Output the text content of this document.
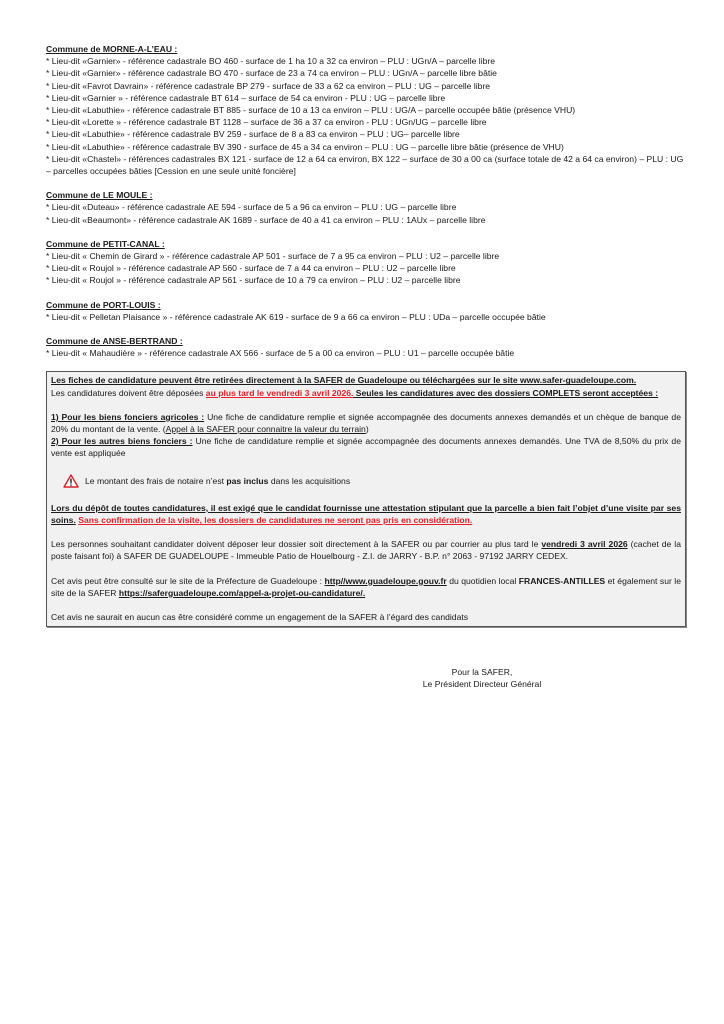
Commune de MORNE-A-L’EAU :
* Lieu-dit «Garnier» - référence cadastrale BO 460 - surface de 1 ha 10 a 32 ca environ – PLU : UGn/A – parcelle libre
* Lieu-dit «Garnier» - référence cadastrale BO 470 - surface de 23 a 74 ca environ – PLU : UGn/A – parcelle libre bâtie
* Lieu-dit «Favrot Davrain» - référence cadastrale BP 279 - surface de 33 a 62 ca environ – PLU : UG – parcelle libre
* Lieu-dit «Garnier » - référence cadastrale BT 614 – surface de 54 ca environ - PLU : UG – parcelle libre
* Lieu-dit «Labuthie» - référence cadastrale BT 885 - surface de 10 a 13 ca environ – PLU : UG/A – parcelle occupée bâtie (présence VHU)
* Lieu-dit «Lorette » - référence cadastrale BT 1128 – surface de 36 a 37 ca environ - PLU : UGn/UG – parcelle libre
* Lieu-dit «Labuthie» - référence cadastrale BV 259 - surface de 8 a 83 ca environ – PLU : UG– parcelle libre
* Lieu-dit «Labuthie» - référence cadastrale BV 390 - surface de 45 a 34 ca environ – PLU : UG – parcelle libre bâtie (présence de VHU)
* Lieu-dit «Chastel» - références cadastrales BX 121 - surface de 12 a 64 ca environ, BX 122 – surface de 30 a 00 ca (surface totale de 42 a 64 ca environ) – PLU : UG – parcelles occupées bâties [Cession en une seule unité foncière]
Commune de LE MOULE :
* Lieu-dit «Duteau» - référence cadastrale AE 594 - surface de 5 a 96 ca environ – PLU : UG – parcelle libre
* Lieu-dit «Beaumont» - référence cadastrale AK 1689 - surface de 40 a 41 ca environ – PLU : 1AUx – parcelle libre
Commune de PETIT-CANAL :
* Lieu-dit « Chemin de Girard » - référence cadastrale AP 501 - surface de 7 a 95 ca environ – PLU : U2 – parcelle libre
* Lieu-dit « Roujol » - référence cadastrale AP 560 - surface de 7 a 44 ca environ – PLU : U2 – parcelle libre
* Lieu-dit « Roujol » - référence cadastrale AP 561 - surface de 10 a 79 ca environ – PLU : U2 – parcelle libre
Commune de PORT-LOUIS :
* Lieu-dit « Pelletan Plaisance » - référence cadastrale AK 619 - surface de 9 a 66 ca environ – PLU : UDa – parcelle occupée bâtie
Commune de ANSE-BERTRAND :
* Lieu-dit « Mahaudière » - référence cadastrale AX 566 - surface de 5 a 00 ca environ – PLU : U1 – parcelle occupée bâtie

Les fiches de candidature peuvent être retirées directement à la SAFER de Guadeloupe ou téléchargées sur le site www.safer-guadeloupe.com.
Les candidatures doivent être déposées au plus tard le vendredi 3 avril 2026. Seules les candidatures avec des dossiers COMPLETS seront acceptées :

1) Pour les biens fonciers agricoles : Une fiche de candidature remplie et signée accompagnée des documents annexes demandés et un chèque de banque de 20% du montant de la vente. (Appel à la SAFER pour connaitre la valeur du terrain)
2) Pour les autres biens fonciers : Une fiche de candidature remplie et signée accompagnée des documents annexes demandés. Une TVA de 8,50% du prix de vente est appliquée

Le montant des frais de notaire n’est pas inclus dans les acquisitions

Lors du dépôt de toutes candidatures, il est exigé que le candidat fournisse une attestation stipulant que la parcelle a bien fait l’objet d’une visite par ses soins. Sans confirmation de la visite, les dossiers de candidatures ne seront pas pris en considération.

Les personnes souhaitant candidater doivent déposer leur dossier soit directement à la SAFER ou par courrier au plus tard le vendredi 3 avril 2026 (cachet de la poste faisant foi) à SAFER DE GUADELOUPE - Immeuble Patio de Houelbourg - Z.I. de JARRY - B.P. n° 2063 - 97192 JARRY CEDEX.

Cet avis peut être consulté sur le site de la Préfecture de Guadeloupe : http//www.guadeloupe.gouv.fr du quotidien local FRANCES-ANTILLES et également sur le site de la SAFER https://saferguadeloupe.com/appel-a-projet-ou-candidature/.

Cet avis ne saurait en aucun cas être considéré comme un engagement de la SAFER à l’égard des candidats

Pour la SAFER,
Le Président Directeur Général
